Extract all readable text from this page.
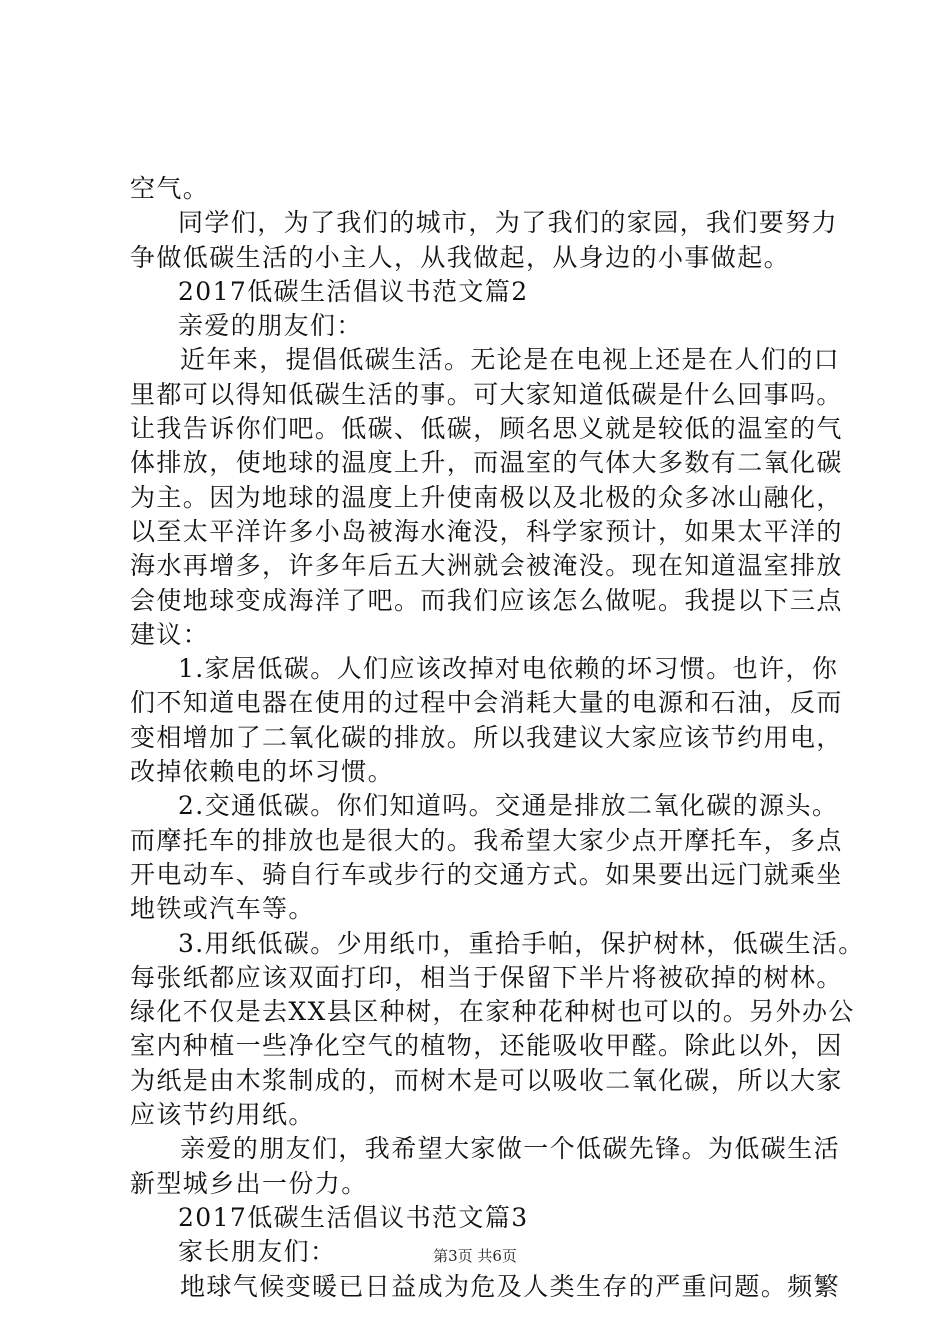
空气。
同学们，为了我们的城市，为了我们的家园，我们要努力
争做低碳生活的小主人，从我做起，从身边的小事做起。
2017低碳生活倡议书范文篇2
亲爱的朋友们：
近年来，提倡低碳生活。无论是在电视上还是在人们的口
里都可以得知低碳生活的事。可大家知道低碳是什么回事吗。
让我告诉你们吧。低碳、低碳，顾名思义就是较低的温室的气
体排放，使地球的温度上升，而温室的气体大多数有二氧化碳
为主。因为地球的温度上升使南极以及北极的众多冰山融化，
以至太平洋许多小岛被海水淹没，科学家预计，如果太平洋的
海水再增多，许多年后五大洲就会被淹没。现在知道温室排放
会使地球变成海洋了吧。而我们应该怎么做呢。我提以下三点
建议：
1.家居低碳。人们应该改掉对电依赖的坏习惯。也许，你
们不知道电器在使用的过程中会消耗大量的电源和石油，反而
变相增加了二氧化碳的排放。所以我建议大家应该节约用电，
改掉依赖电的坏习惯。
2.交通低碳。你们知道吗。交通是排放二氧化碳的源头。
而摩托车的排放也是很大的。我希望大家少点开摩托车，多点
开电动车、骑自行车或步行的交通方式。如果要出远门就乘坐
地铁或汽车等。
3.用纸低碳。少用纸巾，重拾手帕，保护树林，低碳生活。
每张纸都应该双面打印，相当于保留下半片将被砍掉的树林。
绿化不仅是去XX县区种树，在家种花种树也可以的。另外办公
室内种植一些净化空气的植物，还能吸收甲醛。除此以外，因
为纸是由木浆制成的，而树木是可以吸收二氧化碳，所以大家
应该节约用纸。
亲爱的朋友们，我希望大家做一个低碳先锋。为低碳生活
新型城乡出一份力。
2017低碳生活倡议书范文篇3
家长朋友们：
地球气候变暖已日益成为危及人类生存的严重问题。频繁
第3页 共6页
